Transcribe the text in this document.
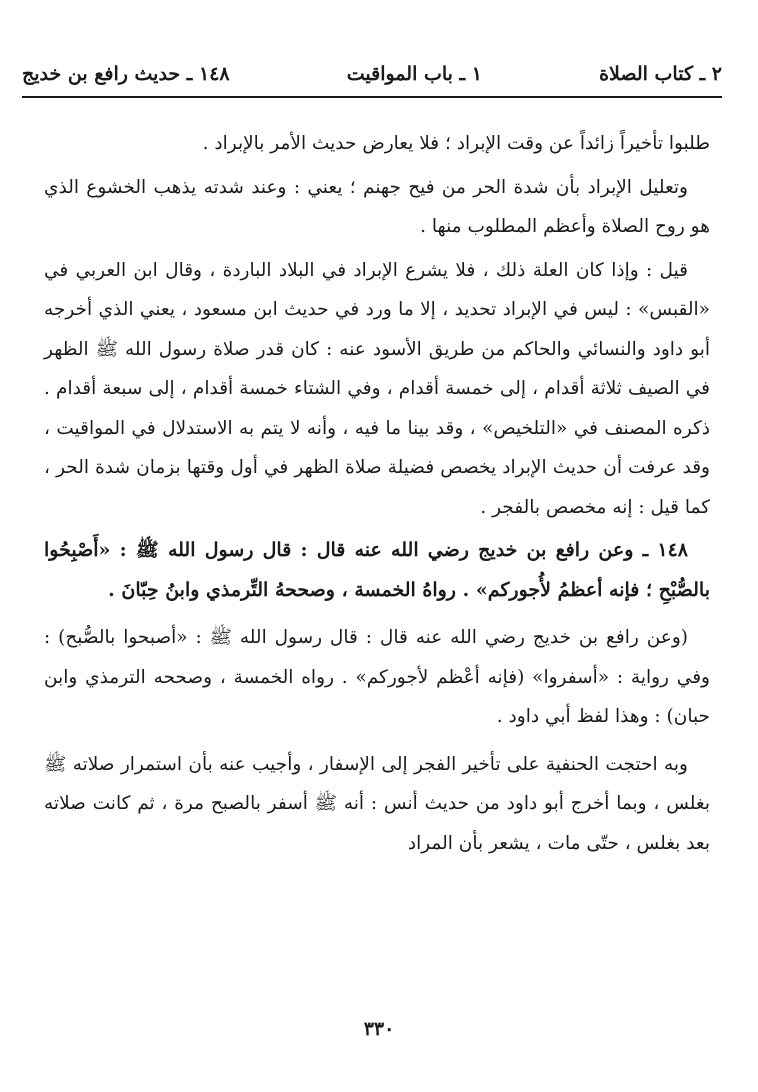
٢ ـ كتاب الصلاة
١ ـ باب المواقيت
١٤٨ ـ حديث رافع بن خديج

طلبوا تأخيراً زائداً عن وقت الإبراد ؛ فلا يعارض حديث الأمر بالإبراد .

وتعليل الإبراد بأن شدة الحر من فيح جهنم ؛ يعني : وعند شدته يذهب الخشوع الذي هو روح الصلاة وأعظم المطلوب منها .

قيل : وإذا كان العلة ذلك ، فلا يشرع الإبراد في البلاد الباردة ، وقال ابن العربي في «القبس» : ليس في الإبراد تحديد ، إلا ما ورد في حديث ابن مسعود ، يعني الذي أخرجه أبو داود والنسائي والحاكم من طريق الأسود عنه : كان قدر صلاة رسول الله ﷺ الظهر في الصيف ثلاثة أقدام ، إلى خمسة أقدام ، وفي الشتاء خمسة أقدام ، إلى سبعة أقدام . ذكره المصنف في «التلخيص» ، وقد بينا ما فيه ، وأنه لا يتم به الاستدلال في المواقيت ، وقد عرفت أن حديث الإبراد يخصص فضيلة صلاة الظهر في أول وقتها بزمان شدة الحر ، كما قيل : إنه مخصص بالفجر .

١٤٨ ـ وعن رافع بن خديج رضي الله عنه قال : قال رسول الله ﷺ : «أَصْبِحُوا بالصُّبْحِ ؛ فإنه أعظمُ لأُجوركم» . رواهُ الخمسة ، وصححهُ التِّرمذي وابنُ حِبّانَ .

(وعن رافع بن خديج رضي الله عنه قال : قال رسول الله ﷺ : «أصبحوا بالصُّبح) : وفي رواية : «أسفروا» (فإنه أعْظم لأجوركم» . رواه الخمسة ، وصححه الترمذي وابن حبان) : وهذا لفظ أبي داود .

وبه احتجت الحنفية على تأخير الفجر إلى الإسفار ، وأجيب عنه بأن استمرار صلاته ﷺ بغلس ، وبما أخرج أبو داود من حديث أنس : أنه ﷺ أسفر بالصبح مرة ، ثم كانت صلاته بعد بغلس ، حتّى مات ، يشعر بأن المراد

٣٣٠
